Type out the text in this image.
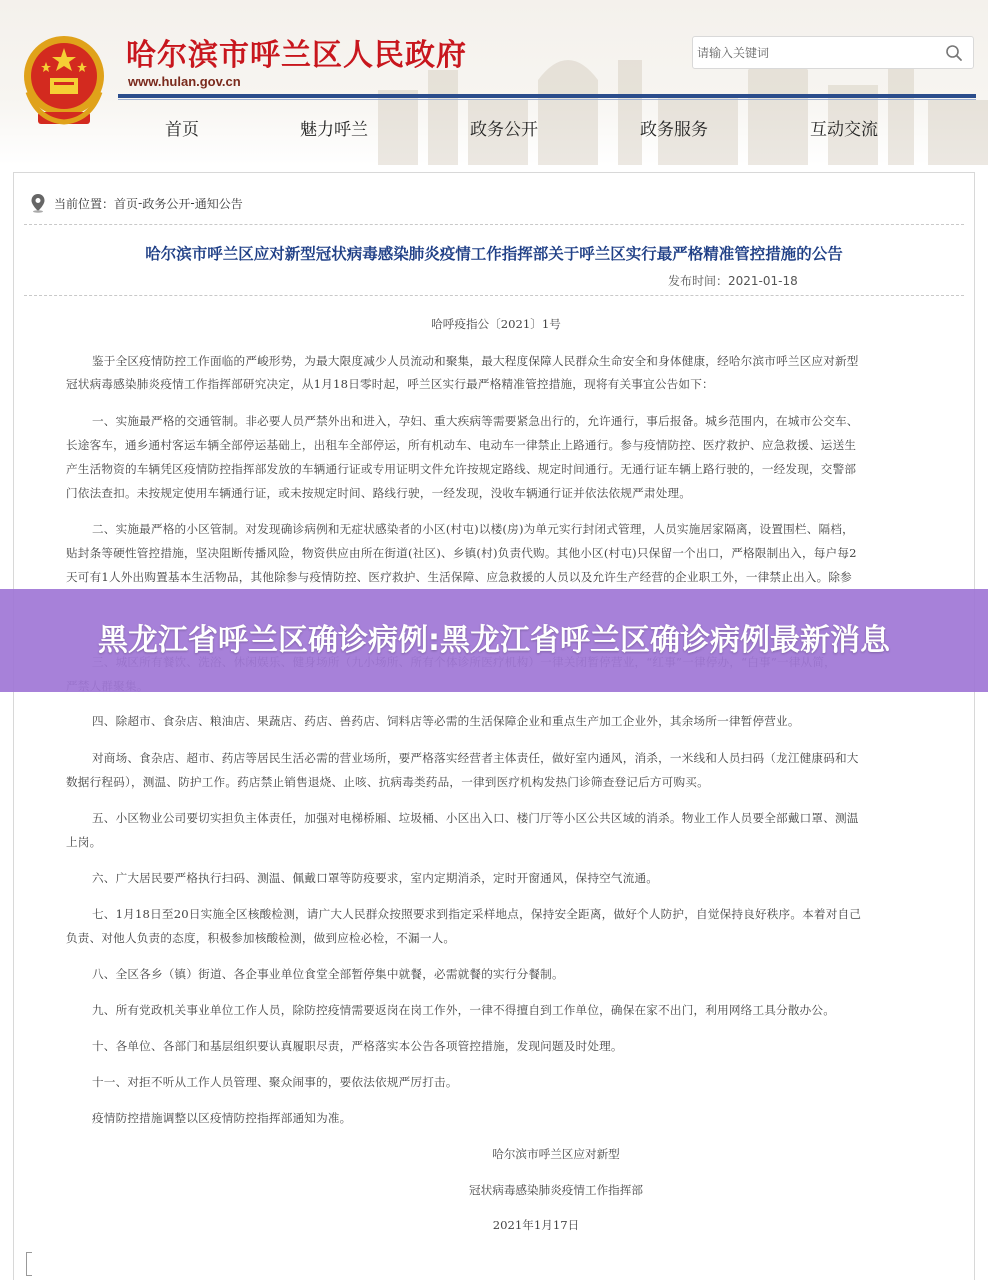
哈尔滨市呼兰区人民政府
www.hulan.gov.cn
请输入关键词
首页	魅力呼兰	政务公开	政务服务	互动交流
当前位置： 首页 - 政务公开 - 通知公告
哈尔滨市呼兰区应对新型冠状病毒感染肺炎疫情工作指挥部关于呼兰区实行最严格精准管控措施的公告
发布时间：2021-01-18
哈呼疫指公〔2021〕1号
鉴于全区疫情防控工作面临的严峻形势，为最大限度减少人员流动和聚集，最大程度保障人民群众生命安全和身体健康，经哈尔滨市呼兰区应对新型
冠状病毒感染肺炎疫情工作指挥部研究决定，从1月18日零时起，呼兰区实行最严格精准管控措施，现将有关事宜公告如下：
一、实施最严格的交通管制。非必要人员严禁外出和进入，孕妇、重大疾病等需要紧急出行的，允许通行，事后报备。城乡范围内，在城市公交车、
长途客车，通乡通村客运车辆全部停运基础上，出租车全部停运，所有机动车、电动车一律禁止上路通行。参与疫情防控、医疗救护、应急救援、运送生
产生活物资的车辆凭区疫情防控指挥部发放的车辆通行证或专用证明文件允许按规定路线、规定时间通行。无通行证车辆上路行驶的，一经发现，交警部
门依法查扣。未按规定使用车辆通行证，或未按规定时间、路线行驶，一经发现，没收车辆通行证并依法依规严肃处理。
二、实施最严格的小区管制。对发现确诊病例和无症状感染者的小区(村屯)以楼(房)为单元实行封闭式管理，人员实施居家隔离，设置围栏、隔档，
贴封条等硬性管控措施，坚决阻断传播风险，物资供应由所在街道(社区)、乡镇(村)负责代购。其他小区(村屯)只保留一个出口，严格限制出入，每户每2
天可有1人外出购置基本生活物品，其他除参与疫情防控、医疗救护、生活保障、应急救援的人员以及允许生产经营的企业职工外，一律禁止出入。除参
四、除超市、食杂店、粮油店、果蔬店、药店、兽药店、饲料店等必需的生活保障企业和重点生产加工企业外，其余场所一律暂停营业。
对商场、食杂店、超市、药店等居民生活必需的营业场所，要严格落实经营者主体责任，做好室内通风，消杀，一米线和人员扫码（龙江健康码和大
数据行程码），测温、防护工作。药店禁止销售退烧、止咳、抗病毒类药品，一律到医疗机构发热门诊筛查登记后方可购买。
五、小区物业公司要切实担负主体责任，加强对电梯桥厢、垃圾桶、小区出入口、楼门厅等小区公共区域的消杀。物业工作人员要全部戴口罩、测温
上岗。
六、广大居民要严格执行扫码、测温、佩戴口罩等防疫要求，室内定期消杀，定时开窗通风，保持空气流通。
七、1月18日至20日实施全区核酸检测，请广大人民群众按照要求到指定采样地点，保持安全距离，做好个人防护，自觉保持良好秩序。本着对自己
负责、对他人负责的态度，积极参加核酸检测，做到应检必检，不漏一人。
八、全区各乡（镇）街道、各企事业单位食堂全部暂停集中就餐，必需就餐的实行分餐制。
九、所有党政机关事业单位工作人员，除防控疫情需要返岗在岗工作外，一律不得擅自到工作单位，确保在家不出门，利用网络工具分散办公。
十、各单位、各部门和基层组织要认真履职尽责，严格落实本公告各项管控措施，发现问题及时处理。
十一、对拒不听从工作人员管理、聚众闹事的，要依法依规严厉打击。
疫情防控措施调整以区疫情防控指挥部通知为准。
哈尔滨市呼兰区应对新型
冠状病毒感染肺炎疫情工作指挥部
2021年1月17日
黑龙江省呼兰区确诊病例:黑龙江省呼兰区确诊病例最新消息
